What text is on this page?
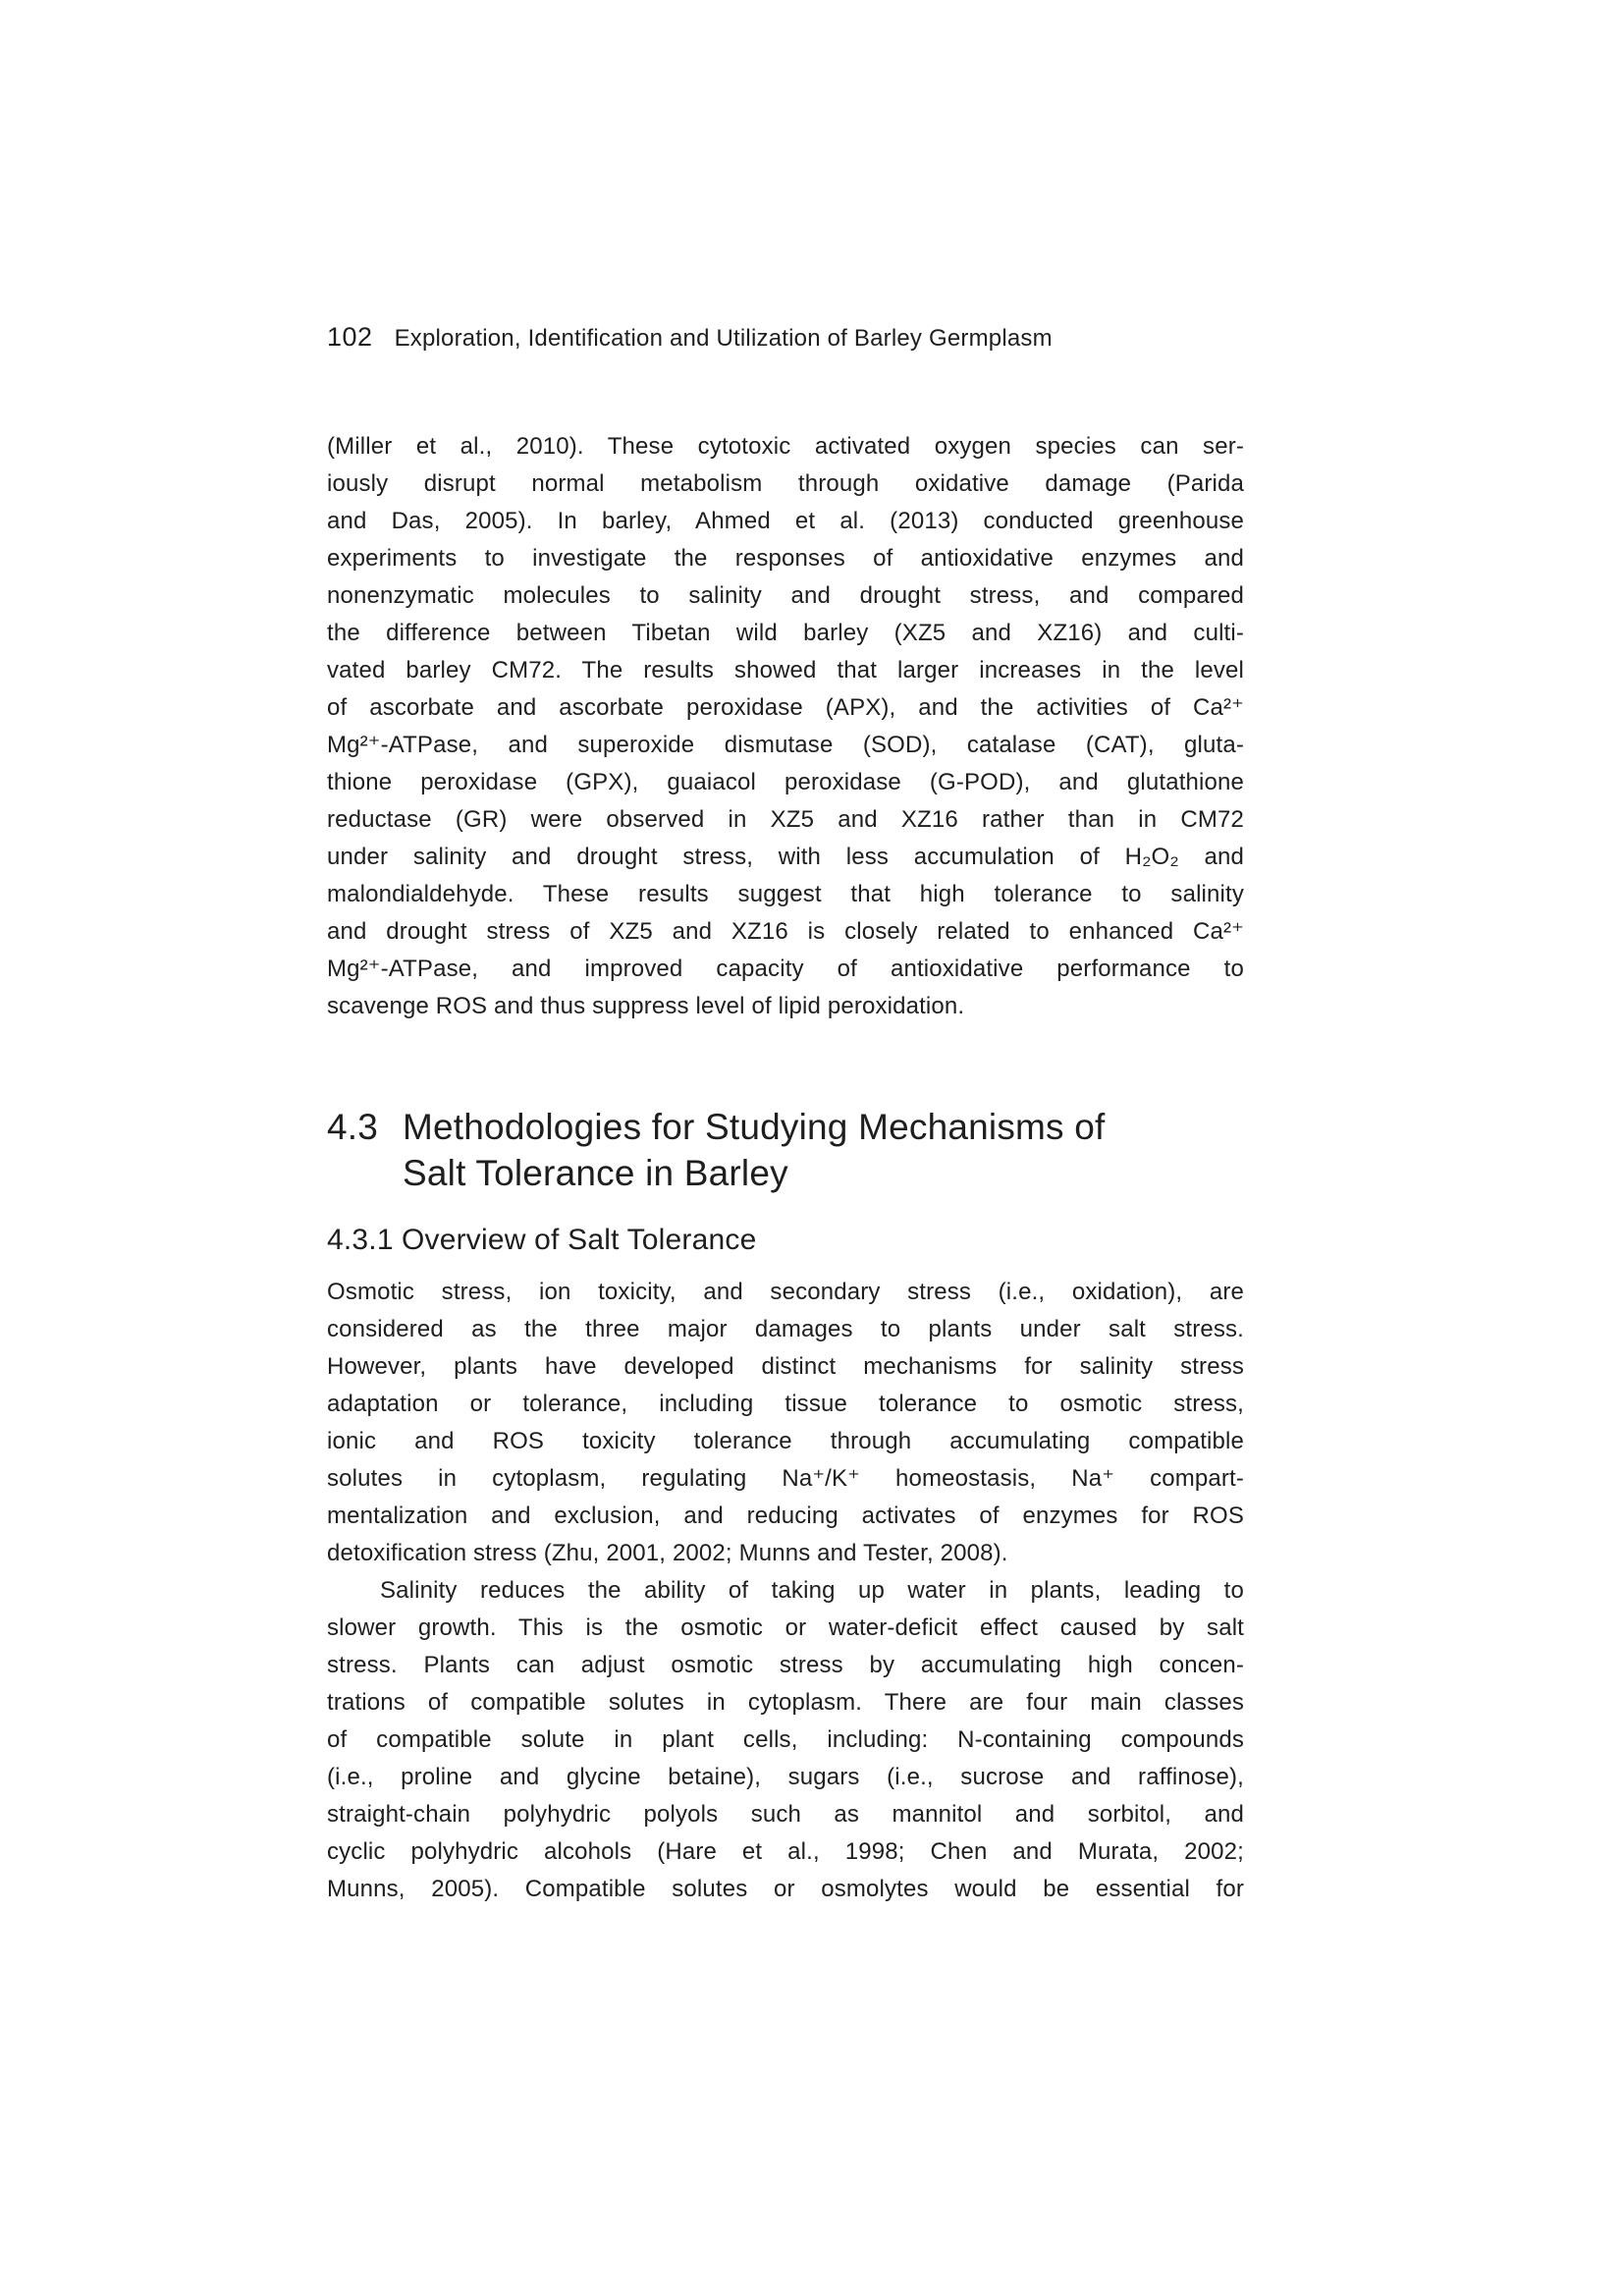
102 Exploration, Identification and Utilization of Barley Germplasm
(Miller et al., 2010). These cytotoxic activated oxygen species can ser-
iously disrupt normal metabolism through oxidative damage (Parida
and Das, 2005). In barley, Ahmed et al. (2013) conducted greenhouse
experiments to investigate the responses of antioxidative enzymes and
nonenzymatic molecules to salinity and drought stress, and compared
the difference between Tibetan wild barley (XZ5 and XZ16) and culti-
vated barley CM72. The results showed that larger increases in the level
of ascorbate and ascorbate peroxidase (APX), and the activities of Ca²⁺
Mg²⁺-ATPase, and superoxide dismutase (SOD), catalase (CAT), gluta-
thione peroxidase (GPX), guaiacol peroxidase (G-POD), and glutathione
reductase (GR) were observed in XZ5 and XZ16 rather than in CM72
under salinity and drought stress, with less accumulation of H₂O₂ and
malondialdehyde. These results suggest that high tolerance to salinity
and drought stress of XZ5 and XZ16 is closely related to enhanced Ca²⁺
Mg²⁺-ATPase, and improved capacity of antioxidative performance to
scavenge ROS and thus suppress level of lipid peroxidation.
4.3 Methodologies for Studying Mechanisms of
Salt Tolerance in Barley
4.3.1 Overview of Salt Tolerance
Osmotic stress, ion toxicity, and secondary stress (i.e., oxidation), are
considered as the three major damages to plants under salt stress.
However, plants have developed distinct mechanisms for salinity stress
adaptation or tolerance, including tissue tolerance to osmotic stress,
ionic and ROS toxicity tolerance through accumulating compatible
solutes in cytoplasm, regulating Na⁺/K⁺ homeostasis, Na⁺ compart-
mentalization and exclusion, and reducing activates of enzymes for ROS
detoxification stress (Zhu, 2001, 2002; Munns and Tester, 2008).
Salinity reduces the ability of taking up water in plants, leading to
slower growth. This is the osmotic or water-deficit effect caused by salt
stress. Plants can adjust osmotic stress by accumulating high concen-
trations of compatible solutes in cytoplasm. There are four main classes
of compatible solute in plant cells, including: N-containing compounds
(i.e., proline and glycine betaine), sugars (i.e., sucrose and raffinose),
straight-chain polyhydric polyols such as mannitol and sorbitol, and
cyclic polyhydric alcohols (Hare et al., 1998; Chen and Murata, 2002;
Munns, 2005). Compatible solutes or osmolytes would be essential for
